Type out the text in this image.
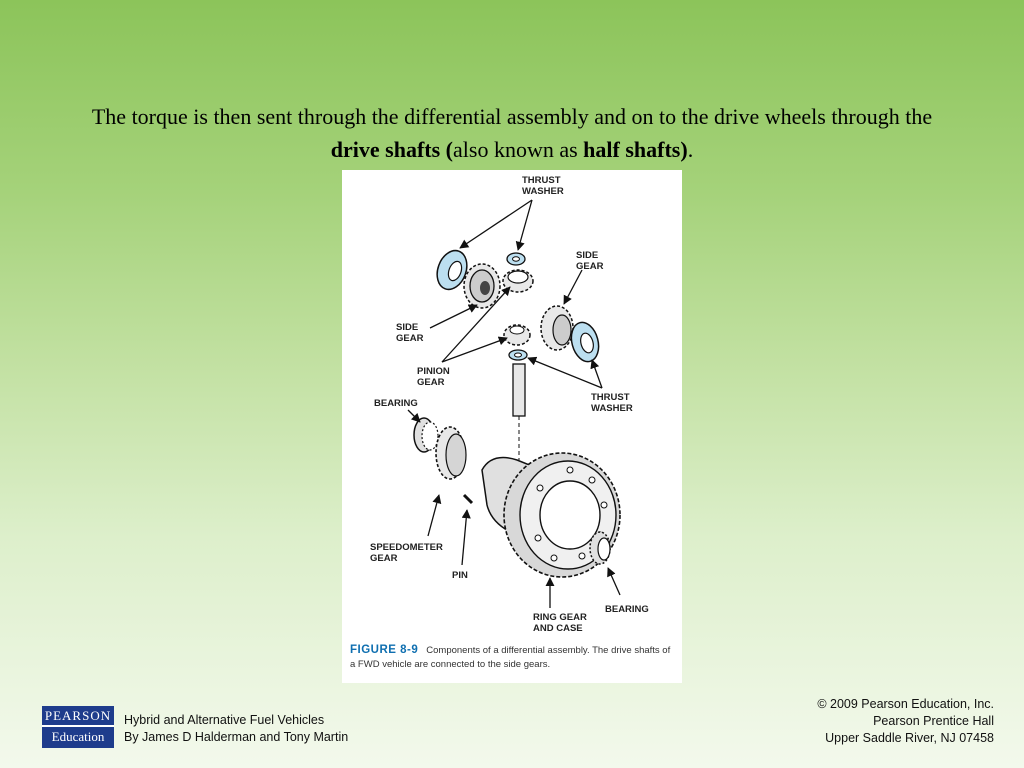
The torque is then sent through the differential assembly and on to the drive wheels through the drive shafts (also known as half shafts).
THRUST
WASHER
SIDE
GEAR
SIDE
GEAR
PINION
GEAR
THRUST
WASHER
BEARING
SPEEDOMETER
GEAR
PIN
RING GEAR
AND CASE
BEARING
FIGURE 8-9 Components of a differential assembly. The drive shafts of a FWD vehicle are connected to the side gears.
PEARSON
Education
Hybrid and Alternative Fuel Vehicles
By James D Halderman and Tony Martin
© 2009 Pearson Education, Inc.
Pearson Prentice Hall
Upper Saddle River, NJ 07458
